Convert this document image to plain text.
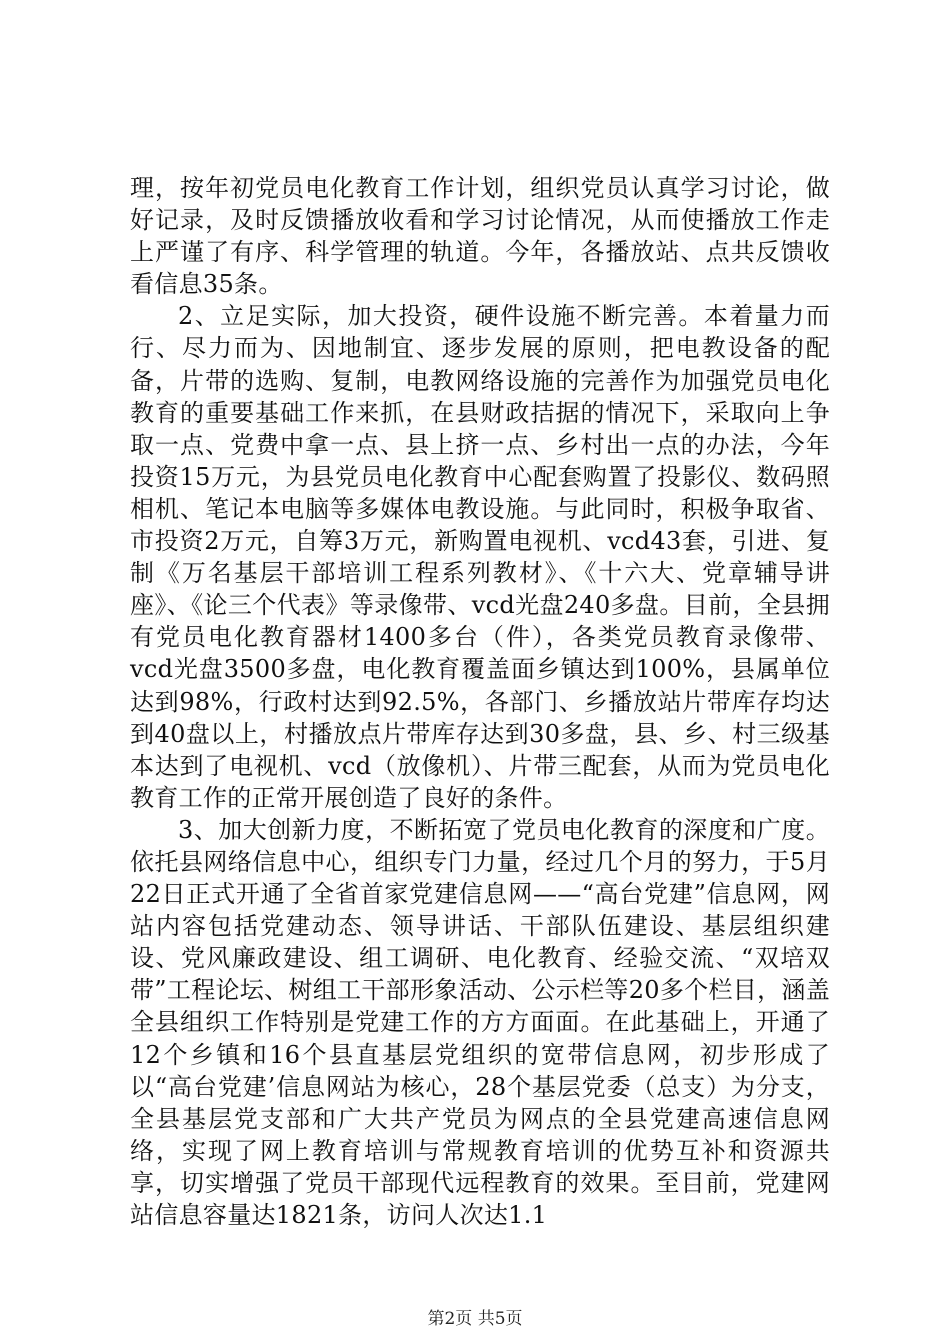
理，按年初党员电化教育工作计划，组织党员认真学习讨论，做好记录，及时反馈播放收看和学习讨论情况，从而使播放工作走上严谨了有序、科学管理的轨道。今年，各播放站、点共反馈收看信息35条。

2、立足实际，加大投资，硬件设施不断完善。本着量力而行、尽力而为、因地制宜、逐步发展的原则，把电教设备的配备，片带的选购、复制，电教网络设施的完善作为加强党员电化教育的重要基础工作来抓，在县财政拮据的情况下，采取向上争取一点、党费中拿一点、县上挤一点、乡村出一点的办法，今年投资15万元，为县党员电化教育中心配套购置了投影仪、数码照相机、笔记本电脑等多媒体电教设施。与此同时，积极争取省、市投资2万元，自筹3万元，新购置电视机、vcd43套，引进、复制《万名基层干部培训工程系列教材》、《十六大、党章辅导讲座》、《论三个代表》等录像带、vcd光盘240多盘。目前，全县拥有党员电化教育器材1400多台（件），各类党员教育录像带、vcd光盘3500多盘，电化教育覆盖面乡镇达到100%，县属单位达到98%，行政村达到92.5%，各部门、乡播放站片带库存均达到40盘以上，村播放点片带库存达到30多盘，县、乡、村三级基本达到了电视机、vcd（放像机）、片带三配套，从而为党员电化教育工作的正常开展创造了良好的条件。

3、加大创新力度，不断拓宽了党员电化教育的深度和广度。依托县网络信息中心，组织专门力量，经过几个月的努力，于5月22日正式开通了全省首家党建信息网——“高台党建”信息网，网站内容包括党建动态、领导讲话、干部队伍建设、基层组织建设、党风廉政建设、组工调研、电化教育、经验交流、“双培双带”工程论坛、树组工干部形象活动、公示栏等20多个栏目，涵盖全县组织工作特别是党建工作的方方面面。在此基础上，开通了12个乡镇和16个县直基层党组织的宽带信息网，初步形成了以“高台党建’信息网站为核心，28个基层党委（总支）为分支，全县基层党支部和广大共产党员为网点的全县党建高速信息网络，实现了网上教育培训与常规教育培训的优势互补和资源共享，切实增强了党员干部现代远程教育的效果。至目前，党建网站信息容量达1821条，访问人次达1.1

第2页 共5页
